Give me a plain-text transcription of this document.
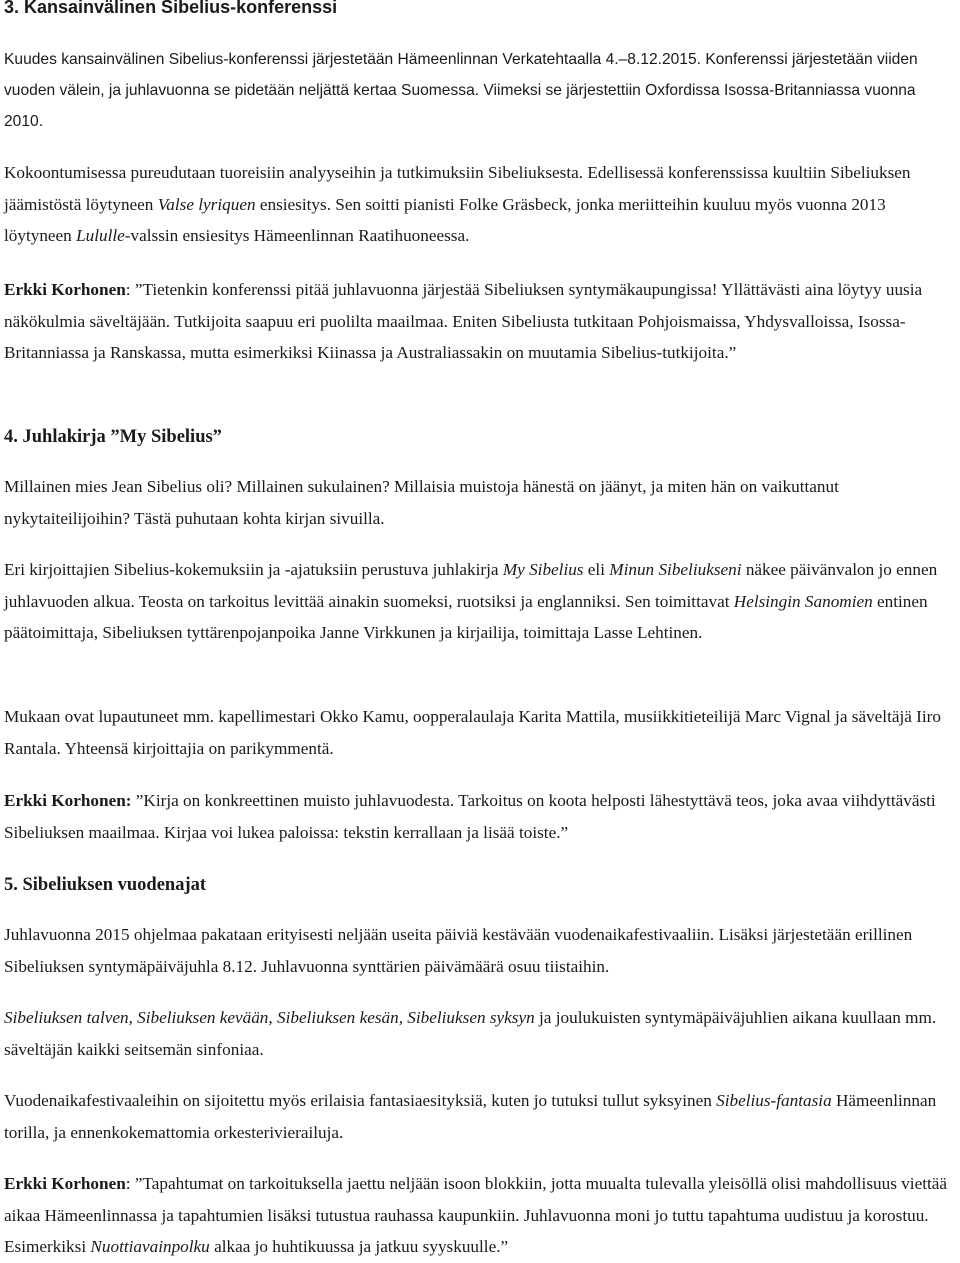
3. Kansainvälinen Sibelius-konferenssi

Kuudes kansainvälinen Sibelius-konferenssi järjestetään Hämeenlinnan Verkatehtaalla 4.–8.12.2015. Konferenssi järjestetään viiden vuoden välein, ja juhlavuonna se pidetään neljättä kertaa Suomessa. Viimeksi se järjestettiin Oxfordissa Isossa-Britanniassa vuonna 2010.

Kokoontumisessa pureudutaan tuoreisiin analyyseihin ja tutkimuksiin Sibeliuksesta. Edellisessä konferenssissa kuultiin Sibeliuksen jäämistöstä löytyneen Valse lyriquen ensiesitys. Sen soitti pianisti Folke Gräsbeck, jonka meriitteihin kuuluu myös vuonna 2013 löytyneen Lululle-valssin ensiesitys Hämeenlinnan Raatihuoneessa.

Erkki Korhonen: ”Tietenkin konferenssi pitää juhlavuonna järjestää Sibeliuksen syntymäkaupungissa! Yllättävästi aina löytyy uusia näkökulmia säveltäjään. Tutkijoita saapuu eri puolilta maailmaa. Eniten Sibeliusta tutkitaan Pohjoismaissa, Yhdysvalloissa, Isossa-Britanniassa ja Ranskassa, mutta esimerkiksi Kiinassa ja Australiassakin on muutamia Sibelius-tutkijoita.”

4. Juhlakirja ”My Sibelius”

Millainen mies Jean Sibelius oli? Millainen sukulainen? Millaisia muistoja hänestä on jäänyt, ja miten hän on vaikuttanut nykytaiteilijoihin? Tästä puhutaan kohta kirjan sivuilla.

Eri kirjoittajien Sibelius-kokemuksiin ja -ajatuksiin perustuva juhlakirja My Sibelius eli Minun Sibeliukseni näkee päivänvalon jo ennen juhlavuoden alkua. Teosta on tarkoitus levittää ainakin suomeksi, ruotsiksi ja englanniksi. Sen toimittavat Helsingin Sanomien entinen päätoimittaja, Sibeliuksen tyttärenpojanpoika Janne Virkkunen ja kirjailija, toimittaja Lasse Lehtinen.

Mukaan ovat lupautuneet mm. kapellimestari Okko Kamu, oopperalaulaja Karita Mattila, musiikkitieteilijä Marc Vignal ja säveltäjä Iiro Rantala. Yhteensä kirjoittajia on parikymmentä.

Erkki Korhonen: ”Kirja on konkreettinen muisto juhlavuodesta. Tarkoitus on koota helposti lähestyttävä teos, joka avaa viihdyttävästi Sibeliuksen maailmaa. Kirjaa voi lukea paloissa: tekstin kerrallaan ja lisää toiste.”

5. Sibeliuksen vuodenajat

Juhlavuonna 2015 ohjelmaa pakataan erityisesti neljään useita päiviä kestävään vuodenaikafestivaaliin. Lisäksi järjestetään erillinen Sibeliuksen syntymäpäiväjuhla 8.12. Juhlavuonna synttärien päivämäärä osuu tiistaihin.

Sibeliuksen talven, Sibeliuksen kevään, Sibeliuksen kesän, Sibeliuksen syksyn ja joulukuisten syntymäpäiväjuhlien aikana kuullaan mm. säveltäjän kaikki seitsemän sinfoniaa.

Vuodenaikafestivaaleihin on sijoitettu myös erilaisia fantasiaesityksiä, kuten jo tutuksi tullut syksyinen Sibelius-fantasia Hämeenlinnan torilla, ja ennenkokemattomia orkesterivierailuja.

Erkki Korhonen: ”Tapahtumat on tarkoituksella jaettu neljään isoon blokkiin, jotta muualta tulevalla yleisöllä olisi mahdollisuus viettää aikaa Hämeenlinnassa ja tapahtumien lisäksi tutustua rauhassa kaupunkiin. Juhlavuonna moni jo tuttu tapahtuma uudistuu ja korostuu. Esimerkiksi Nuottiavainpolku alkaa jo huhtikuussa ja jatkuu syyskuulle.”
